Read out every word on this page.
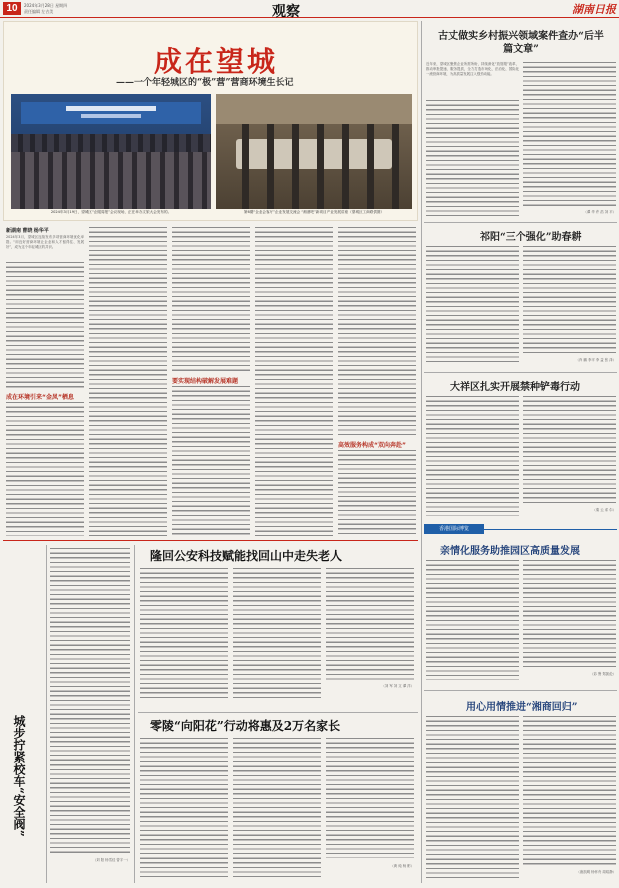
10	2024年3月28日 星期四
责任编辑 左吉美	观察	湖南日报
成在望城
——一个年轻城区的“极”营”营商环境生长记
2024年3月19日，望城区“企服周报”会议现场，正在举办文旅大会发布的。	第6期“企业会客厅”企业发展交流会 “湘酒吧”新项目产业发展讲座（望城区工商联供图）
新湖南 曹晓 杨华平
2024年3月，望城区连续发布多项营商环境优化举措。“用良好营商环境让企业和人才留得住、发展好”，成为这个年轻城区的共识。
成在环境引来“金凤”栖息
要实现结构破解发展难题
高效服务构成“双向奔赴”
城步拧紧校车“安全阀”
（刘 阳 杨雪佳 曾宇一）
隆回公安科技赋能找回山中走失老人
（刘 军 刘 文 谭 洋）
零陵“向阳花”行动将惠及2万名家长
（黄 纯 杨 彬）
古丈做实乡村振兴领域案件查办“后半篇文章”
近年来，望城区聚焦企业所需所盼，持续深化“放管服”改革，推动审批提速、服务提质，全力打造市场化、法治化、国际化一流营商环境，为高质量发展注入强劲动能。
（谭 华 许 浩 刘 平）
祁阳“三个强化”助春耕
（肖 鹏 李平 李 益 张 泽）
大祥区扎实开展禁种铲毒行动
（秦 云 邓 尔）
香港国际博览
亲情化服务助推园区高质量发展
（彩 鲁 郑凯伦）
用心用情推进“湘商回归”
（唐凯明 杨怀舟 周绍静）
